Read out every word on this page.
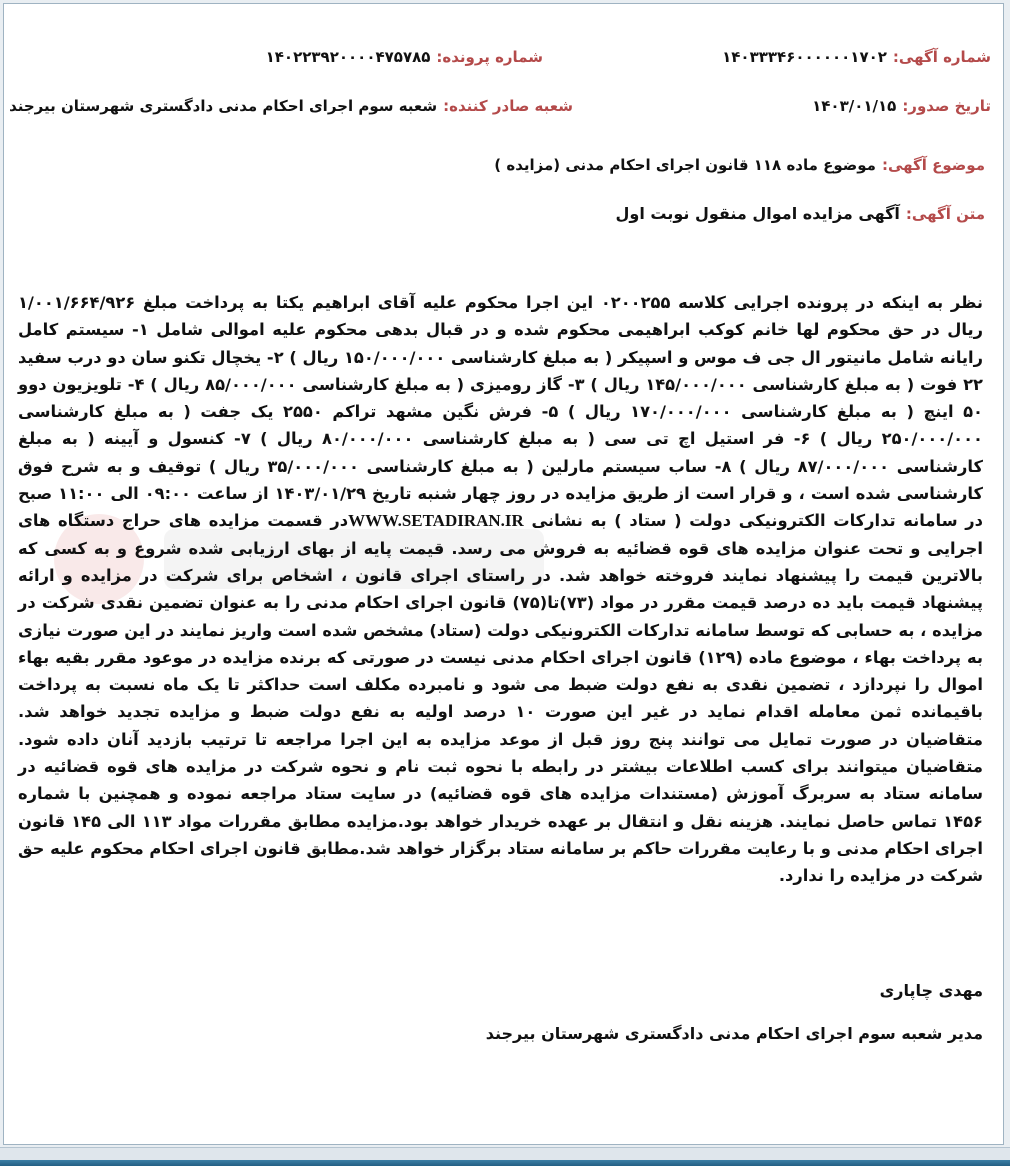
شماره آگهی:۱۴۰۳۳۳۴۶۰۰۰۰۰۰۱۷۰۲
شماره پرونده:۱۴۰۲۲۳۹۲۰۰۰۰۴۷۵۷۸۵
تاریخ صدور:۱۴۰۳/۰۱/۱۵
شعبه صادر کننده:شعبه سوم اجرای احکام مدنی دادگستری شهرستان بیرجند
موضوع آگهی:موضوع ماده ۱۱۸ قانون اجرای احکام مدنی (مزایده )
متن آگهی:آگهی مزایده اموال منقول نوبت اول
نظر به اینکه در پرونده اجرایی کلاسه ۰۲۰۰۲۵۵ این اجرا محکوم علیه آقای ابراهیم یکتا به پرداخت مبلغ ۱/۰۰۱/۶۶۴/۹۲۶ ریال در حق محکوم لها خانم کوکب ابراهیمی محکوم شده و در قبال بدهی محکوم علیه اموالی شامل ۱- سیستم کامل رایانه شامل مانیتور ال جی ف موس و اسپیکر ( به مبلغ کارشناسی ۱۵۰/۰۰۰/۰۰۰ ریال ) ۲- یخچال تکنو سان دو درب سفید ۲۲ فوت ( به مبلغ کارشناسی ۱۴۵/۰۰۰/۰۰۰ ریال ) ۳- گاز رومیزی ( به مبلغ کارشناسی ۸۵/۰۰۰/۰۰۰ ریال ) ۴- تلویزیون دوو ۵۰ اینچ ( به مبلغ کارشناسی ۱۷۰/۰۰۰/۰۰۰ ریال ) ۵- فرش نگین مشهد تراکم ۲۵۵۰ یک جفت ( به مبلغ کارشناسی ۲۵۰/۰۰۰/۰۰۰ ریال ) ۶- فر استیل اچ تی سی ( به مبلغ کارشناسی ۸۰/۰۰۰/۰۰۰ ریال ) ۷- کنسول و آیینه ( به مبلغ کارشناسی ۸۷/۰۰۰/۰۰۰ ریال ) ۸- ساب سیستم مارلین ( به مبلغ کارشناسی ۳۵/۰۰۰/۰۰۰ ریال ) توقیف و به شرح فوق کارشناسی شده است ، و قرار است از طریق مزایده در روز چهار شنبه تاریخ ۱۴۰۳/۰۱/۲۹ از ساعت ۰۹:۰۰ الی ۱۱:۰۰ صبح در سامانه تدارکات الکترونیکی دولت ( ستاد ) به نشانی WWW.SETADIRAN.IRدر قسمت مزایده های حراج دستگاه های اجرایی و تحت عنوان مزایده های قوه قضائیه به فروش می رسد. قیمت پایه از بهای ارزیابی شده شروع و به کسی که بالاترین قیمت را پیشنهاد نمایند فروخته خواهد شد. در راستای اجرای قانون ، اشخاص برای شرکت در مزایده و ارائه پیشنهاد قیمت باید ده درصد قیمت مقرر در مواد (۷۳)تا(۷۵) قانون اجرای احکام مدنی را به عنوان تضمین نقدی شرکت در مزایده ، به حسابی که توسط سامانه تدارکات الکترونیکی دولت (ستاد) مشخص شده است واریز نمایند در این صورت نیازی به پرداخت بهاء ، موضوع ماده (۱۲۹) قانون اجرای احکام مدنی نیست در صورتی که برنده مزایده در موعود مقرر بقیه بهاء اموال را نپردازد ، تضمین نقدی به نفع دولت ضبط می شود و نامبرده مکلف است حداکثر تا یک ماه نسبت به پرداخت باقیمانده ثمن معامله اقدام نماید در غیر این صورت ۱۰ درصد اولیه به نفع دولت ضبط و مزایده تجدید خواهد شد. متقاضیان در صورت تمایل می توانند پنج روز قبل از موعد مزایده به این اجرا مراجعه تا ترتیب بازدید آنان داده شود. متقاضیان میتوانند برای کسب اطلاعات بیشتر در رابطه با نحوه ثبت نام و نحوه شرکت در مزایده های قوه قضائیه در سامانه ستاد به سربرگ آموزش (مستندات مزایده های قوه قضائیه) در سایت ستاد مراجعه نموده و همچنین با شماره ۱۴۵۶ تماس حاصل نمایند. هزینه نقل و انتقال بر عهده خریدار خواهد بود.مزایده مطابق مقررات مواد ۱۱۳ الی ۱۴۵ قانون اجرای احکام مدنی و با رعایت مقررات حاکم بر سامانه ستاد برگزار خواهد شد.مطابق قانون اجرای احکام محکوم علیه حق شرکت در مزایده را ندارد.
مهدی چاپاری
مدیر شعبه سوم اجرای احکام مدنی دادگستری شهرستان بیرجند
